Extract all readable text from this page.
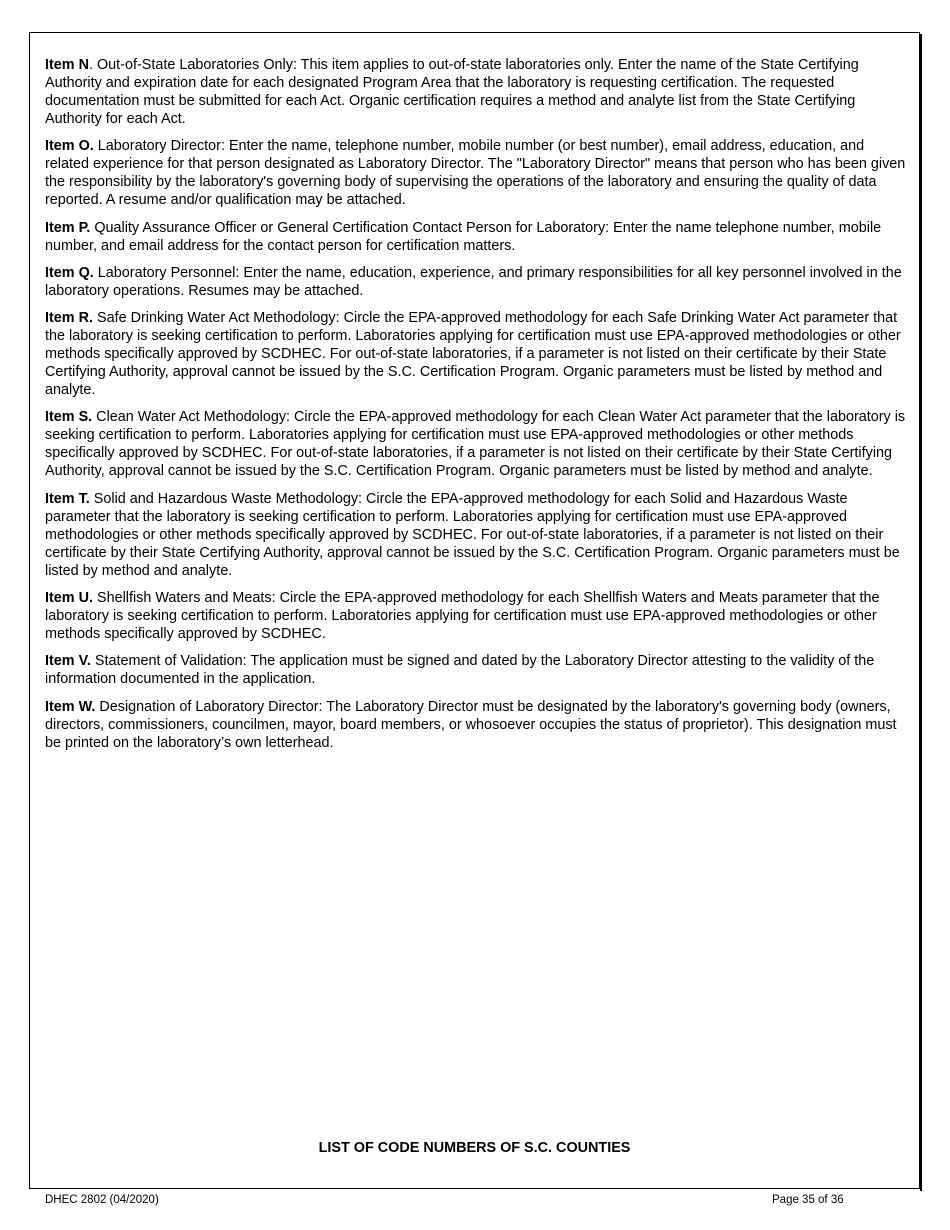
Item N. Out-of-State Laboratories Only: This item applies to out-of-state laboratories only. Enter the name of the State Certifying Authority and expiration date for each designated Program Area that the laboratory is requesting certification. The requested documentation must be submitted for each Act. Organic certification requires a method and analyte list from the State Certifying Authority for each Act.

Item O. Laboratory Director: Enter the name, telephone number, mobile number (or best number), email address, education, and related experience for that person designated as Laboratory Director. The "Laboratory Director" means that person who has been given the responsibility by the laboratory's governing body of supervising the operations of the laboratory and ensuring the quality of data reported. A resume and/or qualification may be attached.

Item P. Quality Assurance Officer or General Certification Contact Person for Laboratory: Enter the name telephone number, mobile number, and email address for the contact person for certification matters.

Item Q. Laboratory Personnel: Enter the name, education, experience, and primary responsibilities for all key personnel involved in the laboratory operations. Resumes may be attached.

Item R. Safe Drinking Water Act Methodology: Circle the EPA-approved methodology for each Safe Drinking Water Act parameter that the laboratory is seeking certification to perform. Laboratories applying for certification must use EPA-approved methodologies or other methods specifically approved by SCDHEC. For out-of-state laboratories, if a parameter is not listed on their certificate by their State Certifying Authority, approval cannot be issued by the S.C. Certification Program. Organic parameters must be listed by method and analyte.

Item S. Clean Water Act Methodology: Circle the EPA-approved methodology for each Clean Water Act parameter that the laboratory is seeking certification to perform. Laboratories applying for certification must use EPA-approved methodologies or other methods specifically approved by SCDHEC. For out-of-state laboratories, if a parameter is not listed on their certificate by their State Certifying Authority, approval cannot be issued by the S.C. Certification Program. Organic parameters must be listed by method and analyte.

Item T. Solid and Hazardous Waste Methodology: Circle the EPA-approved methodology for each Solid and Hazardous Waste parameter that the laboratory is seeking certification to perform. Laboratories applying for certification must use EPA-approved methodologies or other methods specifically approved by SCDHEC. For out-of-state laboratories, if a parameter is not listed on their certificate by their State Certifying Authority, approval cannot be issued by the S.C. Certification Program. Organic parameters must be listed by method and analyte.

Item U. Shellfish Waters and Meats: Circle the EPA-approved methodology for each Shellfish Waters and Meats parameter that the laboratory is seeking certification to perform. Laboratories applying for certification must use EPA-approved methodologies or other methods specifically approved by SCDHEC.

Item V. Statement of Validation: The application must be signed and dated by the Laboratory Director attesting to the validity of the information documented in the application.

Item W. Designation of Laboratory Director: The Laboratory Director must be designated by the laboratory's governing body (owners, directors, commissioners, councilmen, mayor, board members, or whosoever occupies the status of proprietor). This designation must be printed on the laboratory’s own letterhead.

LIST OF CODE NUMBERS OF S.C. COUNTIES
DHEC 2802 (04/2020)	Page 35 of 36
